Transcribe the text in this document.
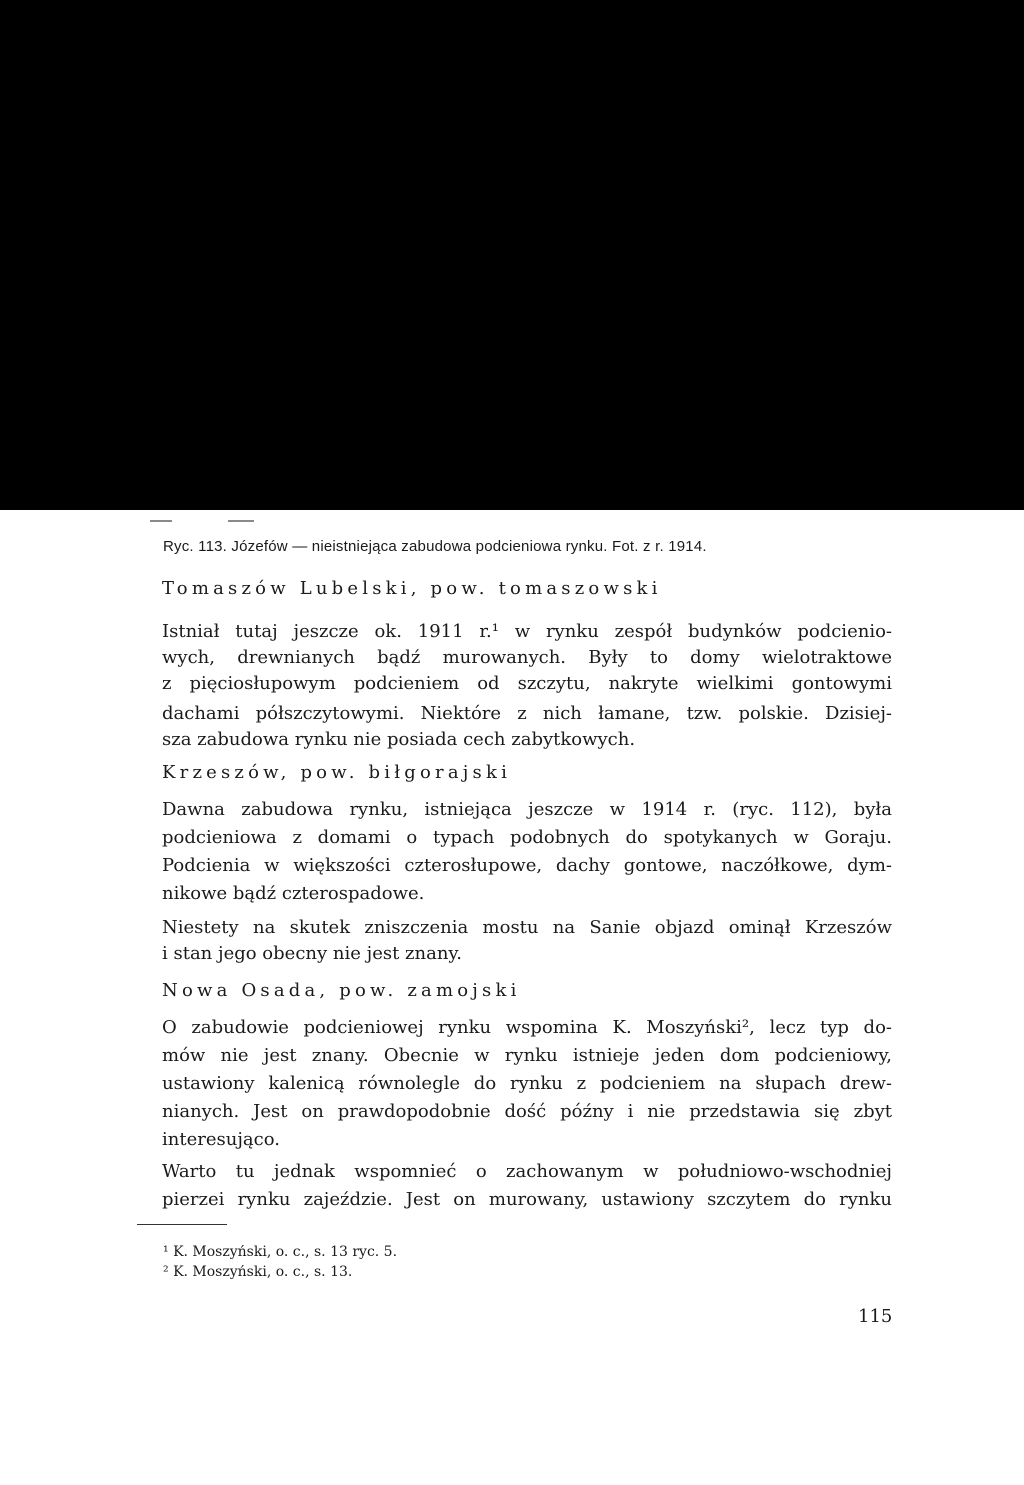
Ryc. 113. Józefów — nieistniejąca zabudowa podcieniowa rynku. Fot. z r. 1914.
Tomaszów Lubelski, pow. tomaszowski
Istniał tutaj jeszcze ok. 1911 r.¹ w rynku zespół budynków podcienio-
wych, drewnianych bądź murowanych. Były to domy wielotraktowe
z pięciosłupowym podcieniem od szczytu, nakryte wielkimi gontowymi
dachami półszczytowymi. Niektóre z nich łamane, tzw. polskie. Dzisiej-
sza zabudowa rynku nie posiada cech zabytkowych.
Krzeszów, pow. biłgorajski
Dawna zabudowa rynku, istniejąca jeszcze w 1914 r. (ryc. 112), była
podcieniowa z domami o typach podobnych do spotykanych w Goraju.
Podcienia w większości czterosłupowe, dachy gontowe, naczółkowe, dym-
nikowe bądź czterospadowe.
Niestety na skutek zniszczenia mostu na Sanie objazd ominął Krzeszów
i stan jego obecny nie jest znany.
Nowa Osada, pow. zamojski
O zabudowie podcieniowej rynku wspomina K. Moszyński², lecz typ do-
mów nie jest znany. Obecnie w rynku istnieje jeden dom podcieniowy,
ustawiony kalenicą równolegle do rynku z podcieniem na słupach drew-
nianych. Jest on prawdopodobnie dość późny i nie przedstawia się zbyt
interesująco.
Warto tu jednak wspomnieć o zachowanym w południowo-wschodniej
pierzei rynku zajeździe. Jest on murowany, ustawiony szczytem do rynku
¹ K. Moszyński, o. c., s. 13 ryc. 5.
² K. Moszyński, o. c., s. 13.
115
